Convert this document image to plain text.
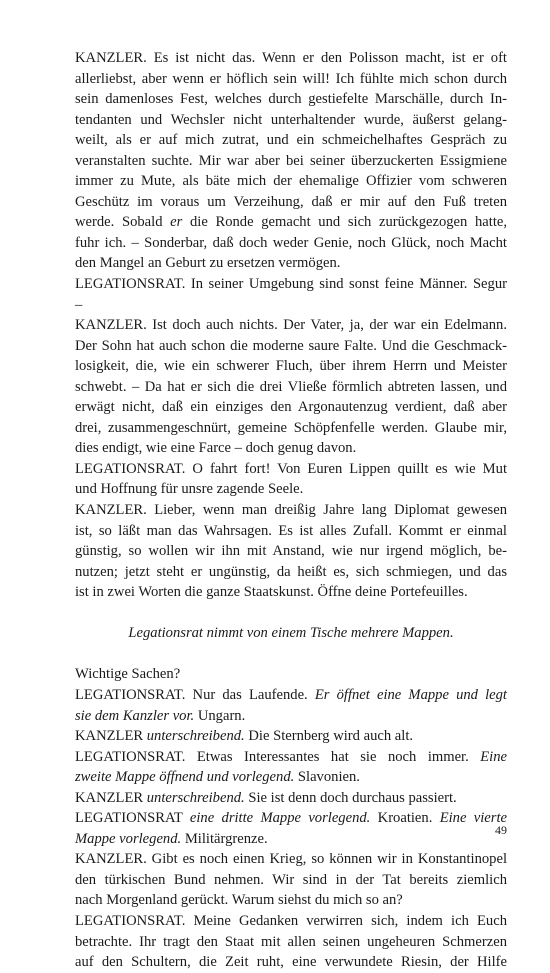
KANZLER. Es ist nicht das. Wenn er den Polisson macht, ist er oft
allerliebst, aber wenn er höflich sein will! Ich fühlte mich schon durch
sein damenloses Fest, welches durch gestiefelte Marschälle, durch In-
tendanten und Wechsler nicht unterhaltender wurde, äußerst gelang-
weilt, als er auf mich zutrat, und ein schmeichelhaftes Gespräch zu
veranstalten suchte. Mir war aber bei seiner überzuckerten Essigmiene
immer zu Mute, als bäte mich der ehemalige Offizier vom schweren
Geschütz im voraus um Verzeihung, daß er mir auf den Fuß treten
werde. Sobald er die Ronde gemacht und sich zurückgezogen hatte,
fuhr ich. – Sonderbar, daß doch weder Genie, noch Glück, noch Macht
den Mangel an Geburt zu ersetzen vermögen.
LEGATIONSRAT. In seiner Umgebung sind sonst feine Männer. Segur
–
KANZLER. Ist doch auch nichts. Der Vater, ja, der war ein Edelmann.
Der Sohn hat auch schon die moderne saure Falte. Und die Geschmack-
losigkeit, die, wie ein schwerer Fluch, über ihrem Herrn und Meister
schwebt. – Da hat er sich die drei Vließe förmlich abtreten lassen, und
erwägt nicht, daß ein einziges den Argonautenzug verdient, daß aber
drei, zusammengeschnürt, gemeine Schöpfenfelle werden. Glaube mir,
dies endigt, wie eine Farce – doch genug davon.
LEGATIONSRAT. O fahrt fort! Von Euren Lippen quillt es wie Mut
und Hoffnung für unsre zagende Seele.
KANZLER. Lieber, wenn man dreißig Jahre lang Diplomat gewesen
ist, so läßt man das Wahrsagen. Es ist alles Zufall. Kommt er einmal
günstig, so wollen wir ihn mit Anstand, wie nur irgend möglich, be-
nutzen; jetzt steht er ungünstig, da heißt es, sich schmiegen, und das
ist in zwei Worten die ganze Staatskunst. Öffne deine Portefeuilles.
Legationsrat nimmt von einem Tische mehrere Mappen.
Wichtige Sachen?
LEGATIONSRAT. Nur das Laufende. Er öffnet eine Mappe und legt
sie dem Kanzler vor. Ungarn.
KANZLER unterschreibend. Die Sternberg wird auch alt.
LEGATIONSRAT. Etwas Interessantes hat sie noch immer. Eine
zweite Mappe öffnend und vorlegend. Slavonien.
KANZLER unterschreibend. Sie ist denn doch durchaus passiert.
LEGATIONSRAT eine dritte Mappe vorlegend. Kroatien. Eine vierte
Mappe vorlegend. Militärgrenze.
KANZLER. Gibt es noch einen Krieg, so können wir in Konstantinopel
den türkischen Bund nehmen. Wir sind in der Tat bereits ziemlich
nach Morgenland gerückt. Warum siehst du mich so an?
LEGATIONSRAT. Meine Gedanken verwirren sich, indem ich Euch
betrachte. Ihr tragt den Staat mit allen seinen ungeheuren Schmerzen
auf den Schultern, die Zeit ruht, eine verwundete Riesin, der Hilfe
49
